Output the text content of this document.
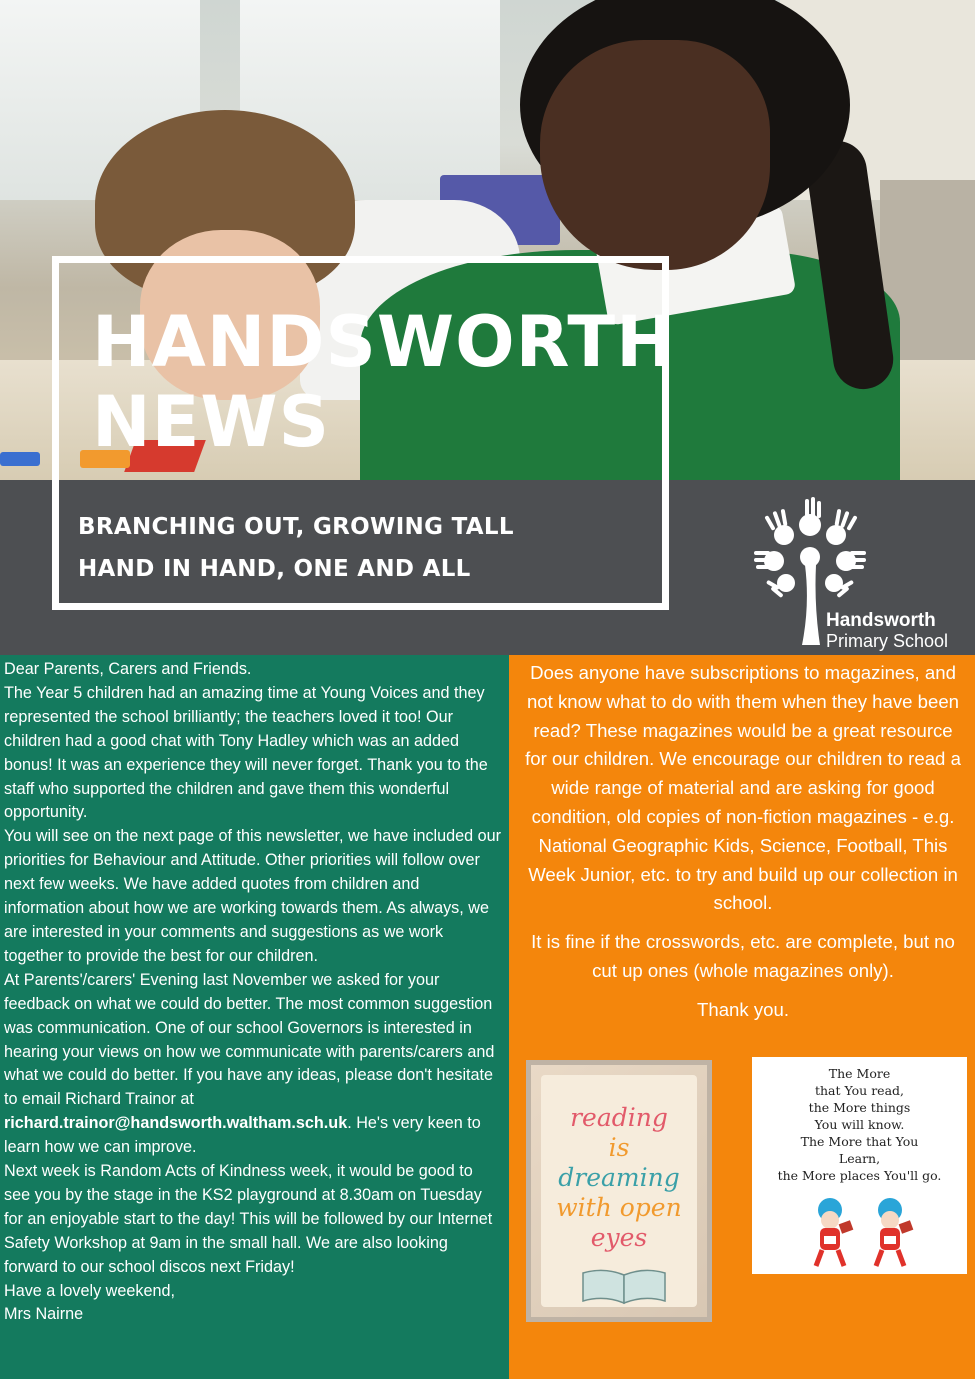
HANDSWORTH
NEWS

BRANCHING OUT, GROWING TALL
HAND IN HAND, ONE AND ALL

Handsworth
Primary School

Dear Parents, Carers and Friends.

The Year 5 children had an amazing time at Young Voices and they represented the school brilliantly; the teachers loved it too! Our children had a good chat with Tony Hadley which was an added bonus! It was an experience they will never forget. Thank you to the staff who supported the children and gave them this wonderful opportunity.

You will see on the next page of this newsletter, we have included our priorities for Behaviour and Attitude. Other priorities will follow over next few weeks. We have added quotes from children and information about how we are working towards them. As always, we are interested in your comments and suggestions as we work together to provide the best for our children.

At Parents'/carers' Evening last November we asked for your feedback on what we could do better. The most common suggestion was communication. One of our school Governors is interested in hearing your views on how we communicate with parents/carers and what we could do better. If you have any ideas, please don't hesitate to email Richard Trainor at richard.trainor@handsworth.waltham.sch.uk. He's very keen to learn how we can improve.

Next week is Random Acts of Kindness week, it would be good to see you by the stage in the KS2 playground at 8.30am on Tuesday for an enjoyable start to the day! This will be followed by our Internet Safety Workshop at 9am in the small hall. We are also looking forward to our school discos next Friday!

Have a lovely weekend,

Mrs Nairne

Does anyone have subscriptions to magazines, and not know what to do with them when they have been read? These magazines would be a great resource for our children. We encourage our children to read a wide range of material and are asking for good condition, old copies of non-fiction magazines - e.g. National Geographic Kids, Science, Football, This Week Junior, etc. to try and build up our collection in school.

It is fine if the crosswords, etc. are complete, but no cut up ones (whole magazines only).

Thank you.

reading
is
dreaming
with open
eyes
The More
that You read,
the More things
You will know.
The More that You
Learn,
the More places You'll go.
